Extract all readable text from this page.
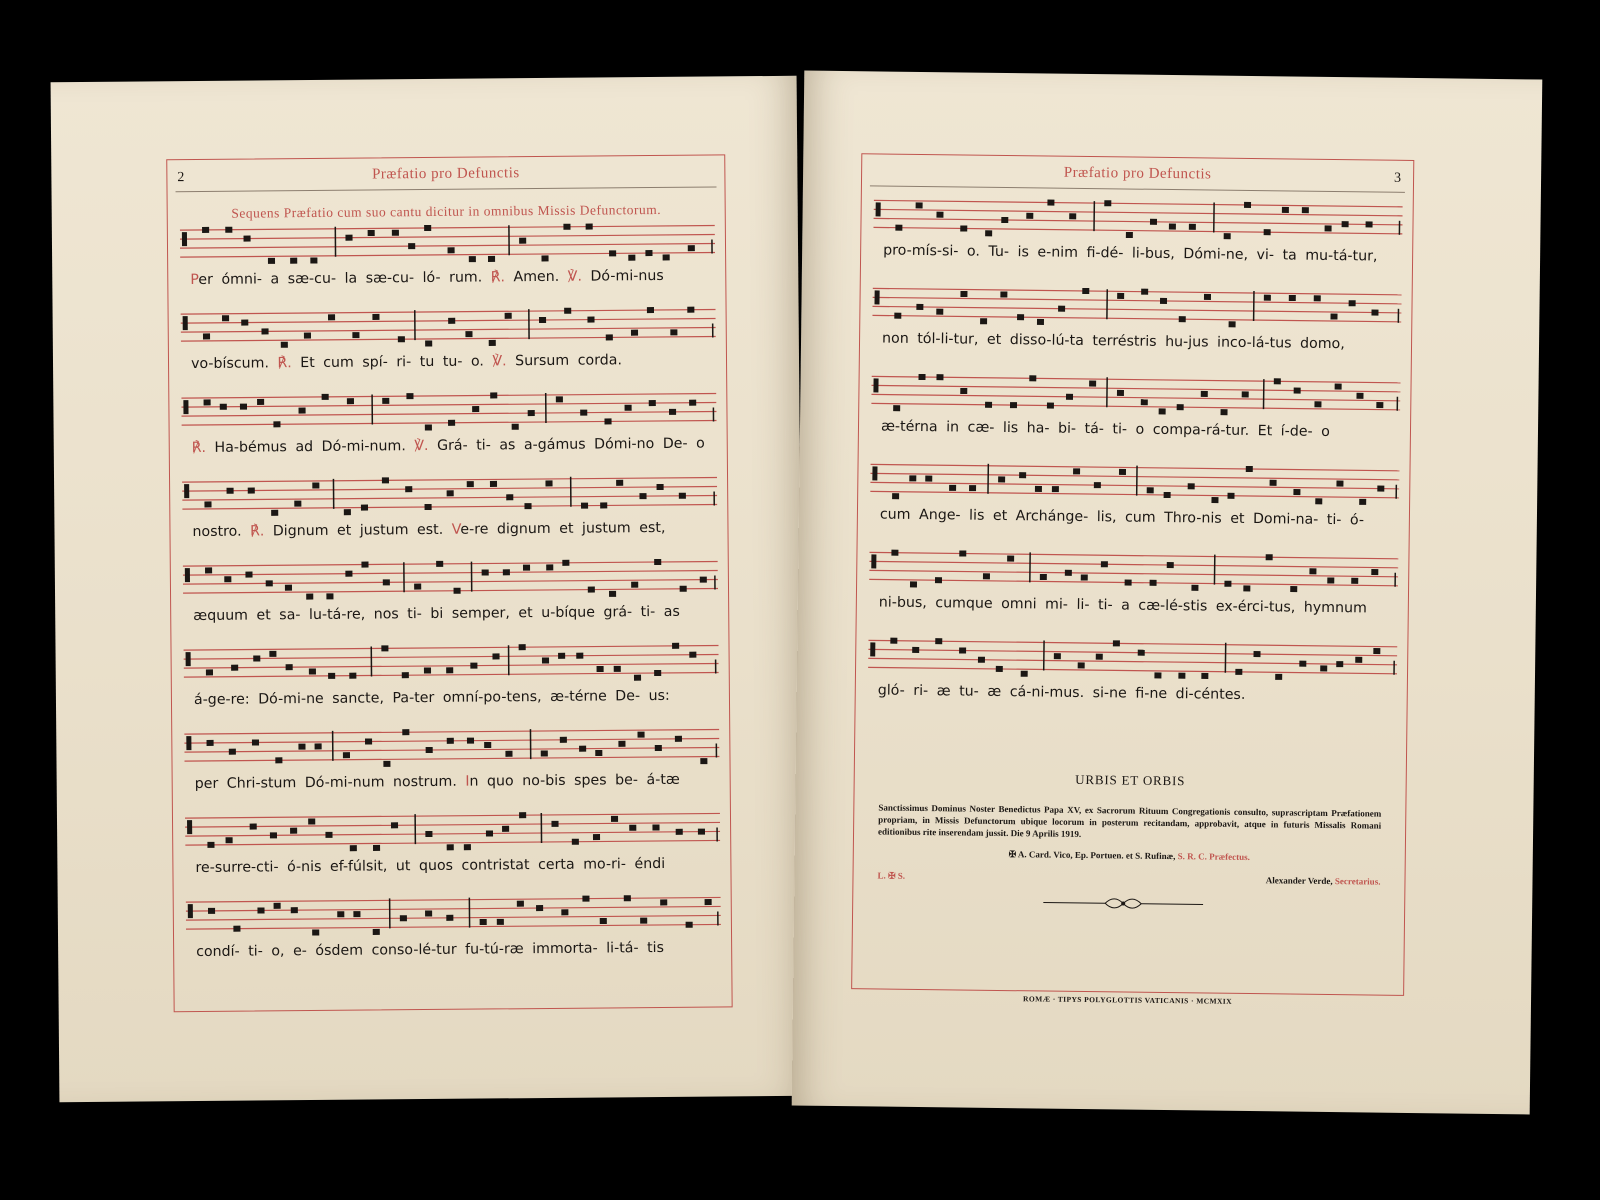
2	Præfatio pro Defunctis
Sequens Præfatio cum suo cantu dicitur in omnibus Missis Defunctorum.
Per ómni- a sæ-cu- la sæ-cu- ló- rum. ℟. Amen. ℣. Dó-mi-nus
vo-bíscum. ℟. Et cum spí- ri- tu tu- o. ℣. Sursum corda.
℟. Ha-bémus ad Dó-mi-num. ℣. Grá- ti- as a-gámus Dómi-no De- o
nostro. ℟. Dignum et justum est. Ve-re dignum et justum est,
æquum et sa- lu-tá-re, nos ti- bi semper, et u-bíque grá- ti- as
á-ge-re: Dó-mi-ne sancte, Pa-ter omní-po-tens, æ-térne De- us:
per Chri-stum Dó-mi-num nostrum. In quo no-bis spes be- á-tæ
re-surre-cti- ó-nis ef-fúlsit, ut quos contristat certa mo-ri- éndi
condí- ti- o, e- ósdem conso-lé-tur fu-tú-ræ immorta- li-tá- tis
3
Præfatio pro Defunctis
pro-mís-si- o. Tu- is e-nim fi-dé- li-bus, Dómi-ne, vi- ta mu-tá-tur,
non tól-li-tur, et disso-lú-ta terréstris hu-jus inco-lá-tus domo,
æ-térna in cæ- lis ha- bi- tá- ti- o compa-rá-tur. Et í-de- o
cum Ange- lis et Archánge- lis, cum Thro-nis et Domi-na- ti- ó-
ni-bus, cumque omni mi- li- ti- a cæ-lé-stis ex-érci-tus, hymnum
gló- ri- æ tu- æ cá-ni-mus. si-ne fi-ne di-céntes.
URBIS ET ORBIS
Sanctissimus Dominus Noster Benedictus Papa XV, ex Sacrorum Rituum Congregationis consulto, suprascriptam Præfationem propriam, in Missis Defunctorum ubique locorum in posterum recitandam, approbavit, atque in futuris Missalis Romani editionibus rite inserendam jussit. Die 9 Aprilis 1919.
✠ A. Card. Vico, Ep. Portuen. et S. Rufinæ, S. R. C. Præfectus.
L. ✠ S.	Alexander Verde, Secretarius.
ROMÆ · TIPYS POLYGLOTTIS VATICANIS · MCMXIX
